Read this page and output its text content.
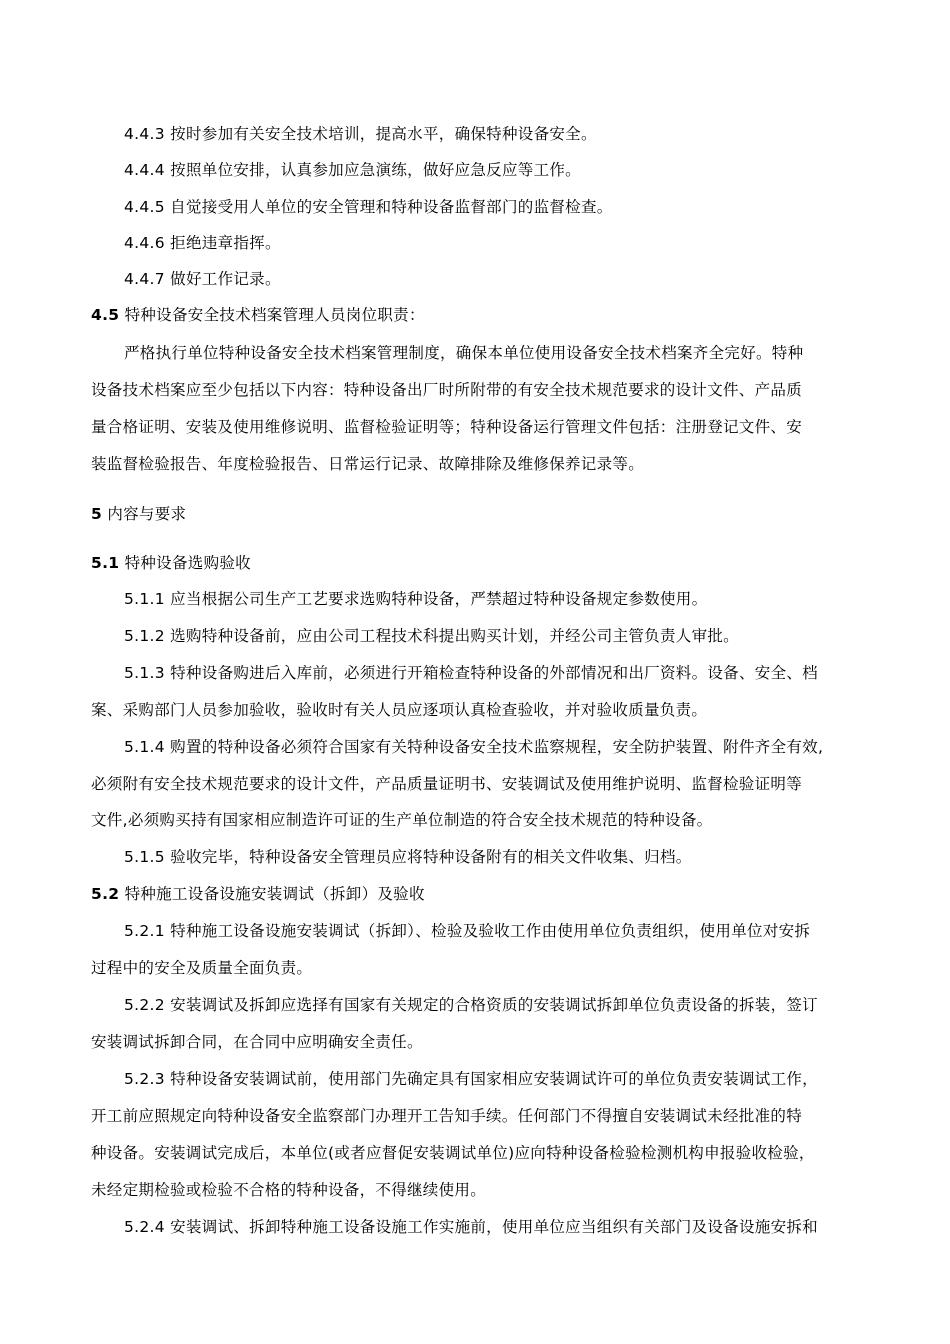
4.4.3 按时参加有关安全技术培训，提高水平，确保特种设备安全。
4.4.4 按照单位安排，认真参加应急演练，做好应急反应等工作。
4.4.5 自觉接受用人单位的安全管理和特种设备监督部门的监督检查。
4.4.6 拒绝违章指挥。
4.4.7 做好工作记录。
4.5 特种设备安全技术档案管理人员岗位职责：
严格执行单位特种设备安全技术档案管理制度，确保本单位使用设备安全技术档案齐全完好。特种
设备技术档案应至少包括以下内容：特种设备出厂时所附带的有安全技术规范要求的设计文件、产品质
量合格证明、安装及使用维修说明、监督检验证明等；特种设备运行管理文件包括：注册登记文件、安
装监督检验报告、年度检验报告、日常运行记录、故障排除及维修保养记录等。
5 内容与要求
5.1 特种设备选购验收
5.1.1 应当根据公司生产工艺要求选购特种设备，严禁超过特种设备规定参数使用。
5.1.2 选购特种设备前，应由公司工程技术科提出购买计划，并经公司主管负责人审批。
5.1.3 特种设备购进后入库前，必须进行开箱检查特种设备的外部情况和出厂资料。设备、安全、档
案、采购部门人员参加验收，验收时有关人员应逐项认真检查验收，并对验收质量负责。
5.1.4 购置的特种设备必须符合国家有关特种设备安全技术监察规程，安全防护装置、附件齐全有效,
必须附有安全技术规范要求的设计文件，产品质量证明书、安装调试及使用维护说明、监督检验证明等
文件,必须购买持有国家相应制造许可证的生产单位制造的符合安全技术规范的特种设备。
5.1.5 验收完毕，特种设备安全管理员应将特种设备附有的相关文件收集、归档。
5.2 特种施工设备设施安装调试（拆卸）及验收
5.2.1 特种施工设备设施安装调试（拆卸）、检验及验收工作由使用单位负责组织，使用单位对安拆
过程中的安全及质量全面负责。
5.2.2 安装调试及拆卸应选择有国家有关规定的合格资质的安装调试拆卸单位负责设备的拆装，签订
安装调试拆卸合同，在合同中应明确安全责任。
5.2.3 特种设备安装调试前，使用部门先确定具有国家相应安装调试许可的单位负责安装调试工作，
开工前应照规定向特种设备安全监察部门办理开工告知手续。任何部门不得擅自安装调试未经批准的特
种设备。安装调试完成后，本单位(或者应督促安装调试单位)应向特种设备检验检测机构申报验收检验，
未经定期检验或检验不合格的特种设备，不得继续使用。
5.2.4 安装调试、拆卸特种施工设备设施工作实施前，使用单位应当组织有关部门及设备设施安拆和
